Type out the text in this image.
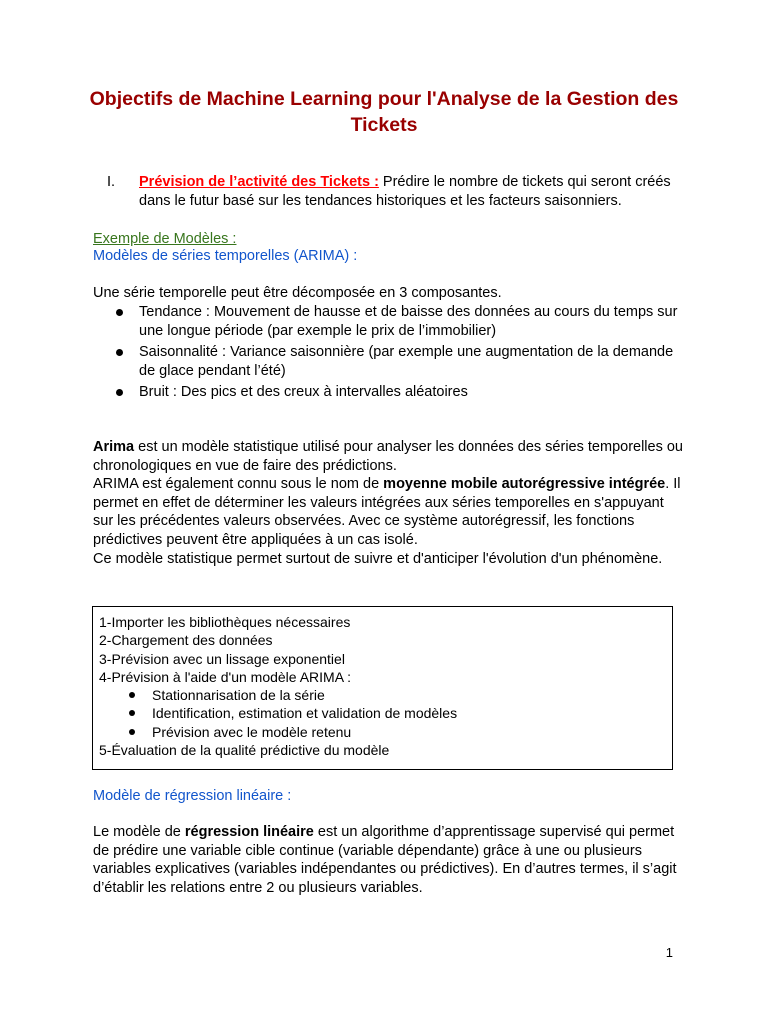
Objectifs de Machine Learning pour l'Analyse de la Gestion des Tickets
I. Prévision de l’activité des Tickets : Prédire le nombre de tickets qui seront créés dans le futur basé sur les tendances historiques et les facteurs saisonniers.
Exemple de Modèles :
Modèles de séries temporelles (ARIMA) :
Une série temporelle peut être décomposée en 3 composantes.
Tendance : Mouvement de hausse et de baisse des données au cours du temps sur une longue période (par exemple le prix de l’immobilier)
Saisonnalité : Variance saisonnière (par exemple une augmentation de la demande de glace pendant l’été)
Bruit : Des pics et des creux à intervalles aléatoires
Arima est un modèle statistique utilisé pour analyser les données des séries temporelles ou chronologiques en vue de faire des prédictions.
ARIMA est également connu sous le nom de moyenne mobile autorégressive intégrée. Il permet en effet de déterminer les valeurs intégrées aux séries temporelles en s'appuyant sur les précédentes valeurs observées. Avec ce système autorégressif, les fonctions prédictives peuvent être appliquées à un cas isolé.
Ce modèle statistique permet surtout de suivre et d'anticiper l'évolution d'un phénomène.
1-Importer les bibliothèques nécessaires
2-Chargement des données
3-Prévision avec un lissage exponentiel
4-Prévision à l'aide d'un modèle ARIMA :
Stationnarisation de la série
Identification, estimation et validation de modèles
Prévision avec le modèle retenu
5-Évaluation de la qualité prédictive du modèle
Modèle de régression linéaire :
Le modèle de régression linéaire est un algorithme d’apprentissage supervisé qui permet de prédire une variable cible continue (variable dépendante) grâce à une ou plusieurs variables explicatives (variables indépendantes ou prédictives). En d’autres termes, il s’agit d’établir les relations entre 2 ou plusieurs variables.
1
